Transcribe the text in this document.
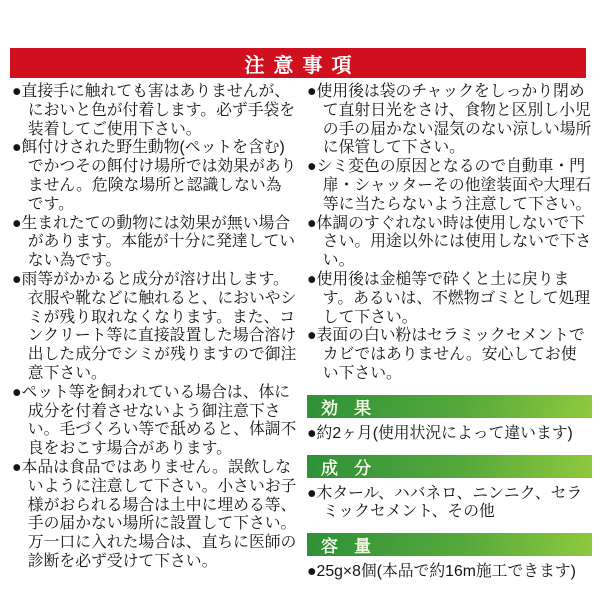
注意事項

●直接手に触れても害はありませんが、においと色が付着します。必ず手袋を装着してご使用下さい。

●餌付けされた野生動物(ペットを含む)でかつその餌付け場所では効果がありません。危険な場所と認識しない為です。

●生まれたての動物には効果が無い場合があります。本能が十分に発達していない為です。

●雨等がかかると成分が溶け出します。衣服や靴などに触れると、においやシミが残り取れなくなります。また、コンクリート等に直接設置した場合溶け出した成分でシミが残りますので御注意下さい。

●ペット等を飼われている場合は、体に成分を付着させないよう御注意下さい。毛づくろい等で舐めると、体調不良をおこす場合があります。

●本品は食品ではありません。誤飲しないように注意して下さい。小さいお子様がおられる場合は土中に埋める等、手の届かない場所に設置して下さい。万一口に入れた場合は、直ちに医師の診断を必ず受けて下さい。

●使用後は袋のチャックをしっかり閉めて直射日光をさけ、食物と区別し小児の手の届かない湿気のない涼しい場所に保管して下さい。

●シミ変色の原因となるので自動車・門扉・シャッターその他塗装面や大理石等に当たらないよう注意して下さい。

●体調のすぐれない時は使用しないで下さい。用途以外には使用しないで下さい。

●使用後は金槌等で砕くと土に戻ります。あるいは、不燃物ゴミとして処理して下さい。

●表面の白い粉はセラミックセメントでカビではありません。安心してお使い下さい。

効果

●約2ヶ月(使用状況によって違います)

成分

●木タール、ハバネロ、ニンニク、セラミックセメント、その他

容量

●25g×8個(本品で約16m施工できます)
